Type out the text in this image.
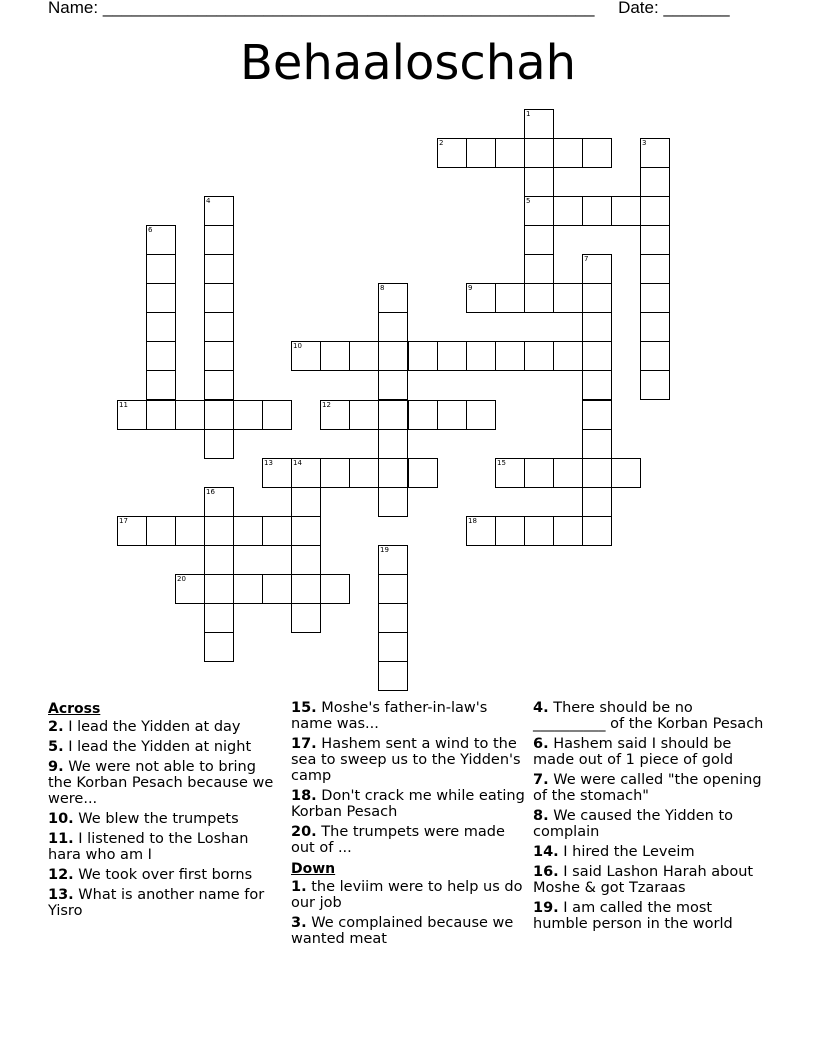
Name: ____________________________________________________ Date: _______
Behaaloschah
1
5
2	3
4
6
7
8	9
10
11	12
13	14	15
16
17	18
19
20
Across
2. I lead the Yidden at day
5. I lead the Yidden at night
9. We were not able to bring the Korban Pesach because we were...
10. We blew the trumpets
11. I listened to the Loshan hara who am I
12. We took over first borns
13. What is another name for Yisro
15. Moshe's father-in-law's name was...
17. Hashem sent a wind to the sea to sweep us to the Yidden's camp
18. Don't crack me while eating Korban Pesach
20. The trumpets were made out of ...
Down
1. the leviim were to help us do our job
3. We complained because we wanted meat
4. There should be no __________ of the Korban Pesach
6. Hashem said I should be made out of 1 piece of gold
7. We were called "the opening of the stomach"
8. We caused the Yidden to complain
14. I hired the Leveim
16. I said Lashon Harah about Moshe & got Tzaraas
19. I am called the most humble person in the world
